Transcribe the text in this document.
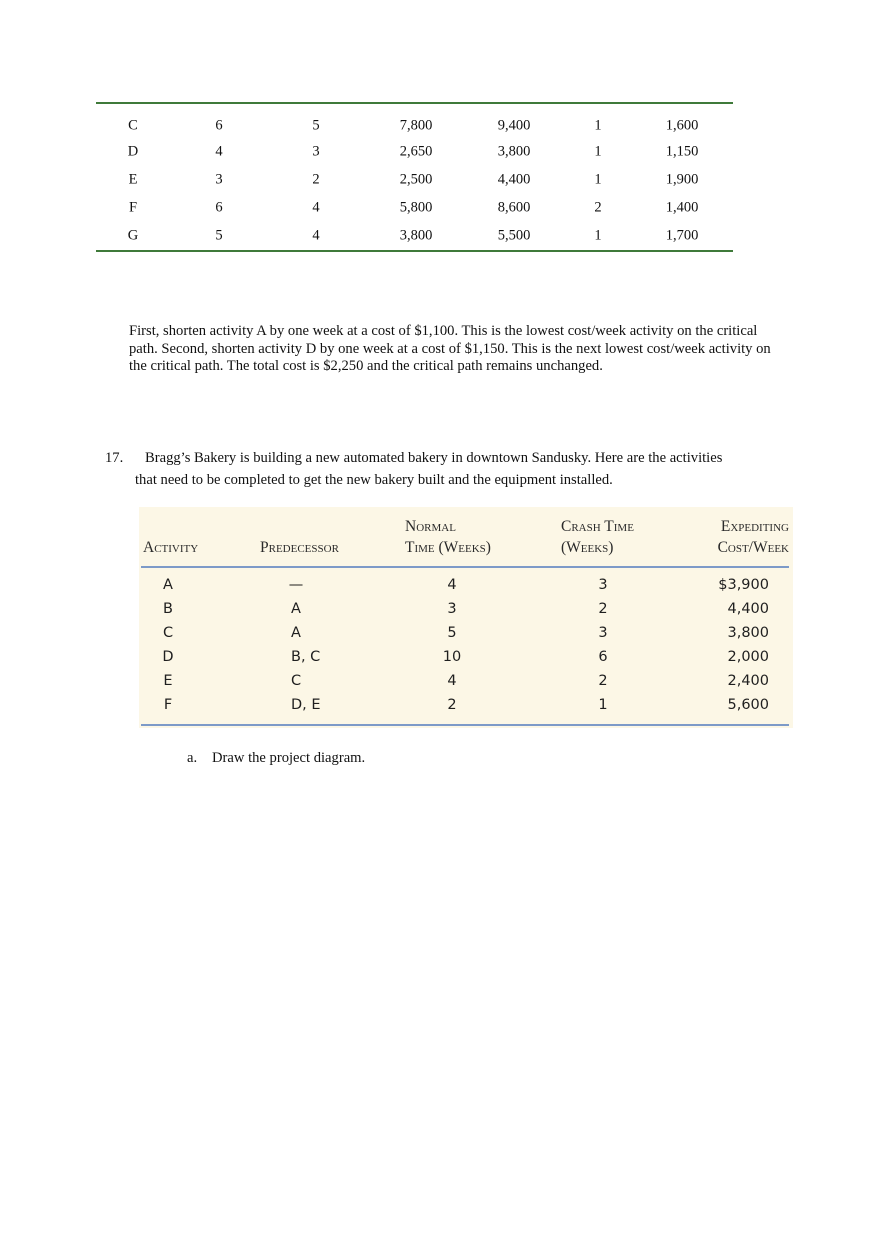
C	6	5	7,800	9,400	1	1,600
D	4	3	2,650	3,800	1	1,150
E	3	2	2,500	4,400	1	1,900
F	6	4	5,800	8,600	2	1,400
G	5	4	3,800	5,500	1	1,700

First, shorten activity A by one week at a cost of $1,100. This is the lowest cost/week activity on the critical path. Second, shorten activity D by one week at a cost of $1,150. This is the next lowest cost/week activity on the critical path. The total cost is $2,250 and the critical path remains unchanged.

17.	Bragg’s Bakery is building a new automated bakery in downtown Sandusky. Here are the activities
that need to be completed to get the new bakery built and the equipment installed.
Activity	Predecessor
Normal
Time (Weeks)
Crash Time
(Weeks)
Expediting
Cost/Week
A	—	4	3	$3,900
B	A	3	2	4,400
C	A	5	3	3,800
D	B, C	10	6	2,000
E	C	4	2	2,400
F	D, E	2	1	5,600
a. Draw the project diagram.
